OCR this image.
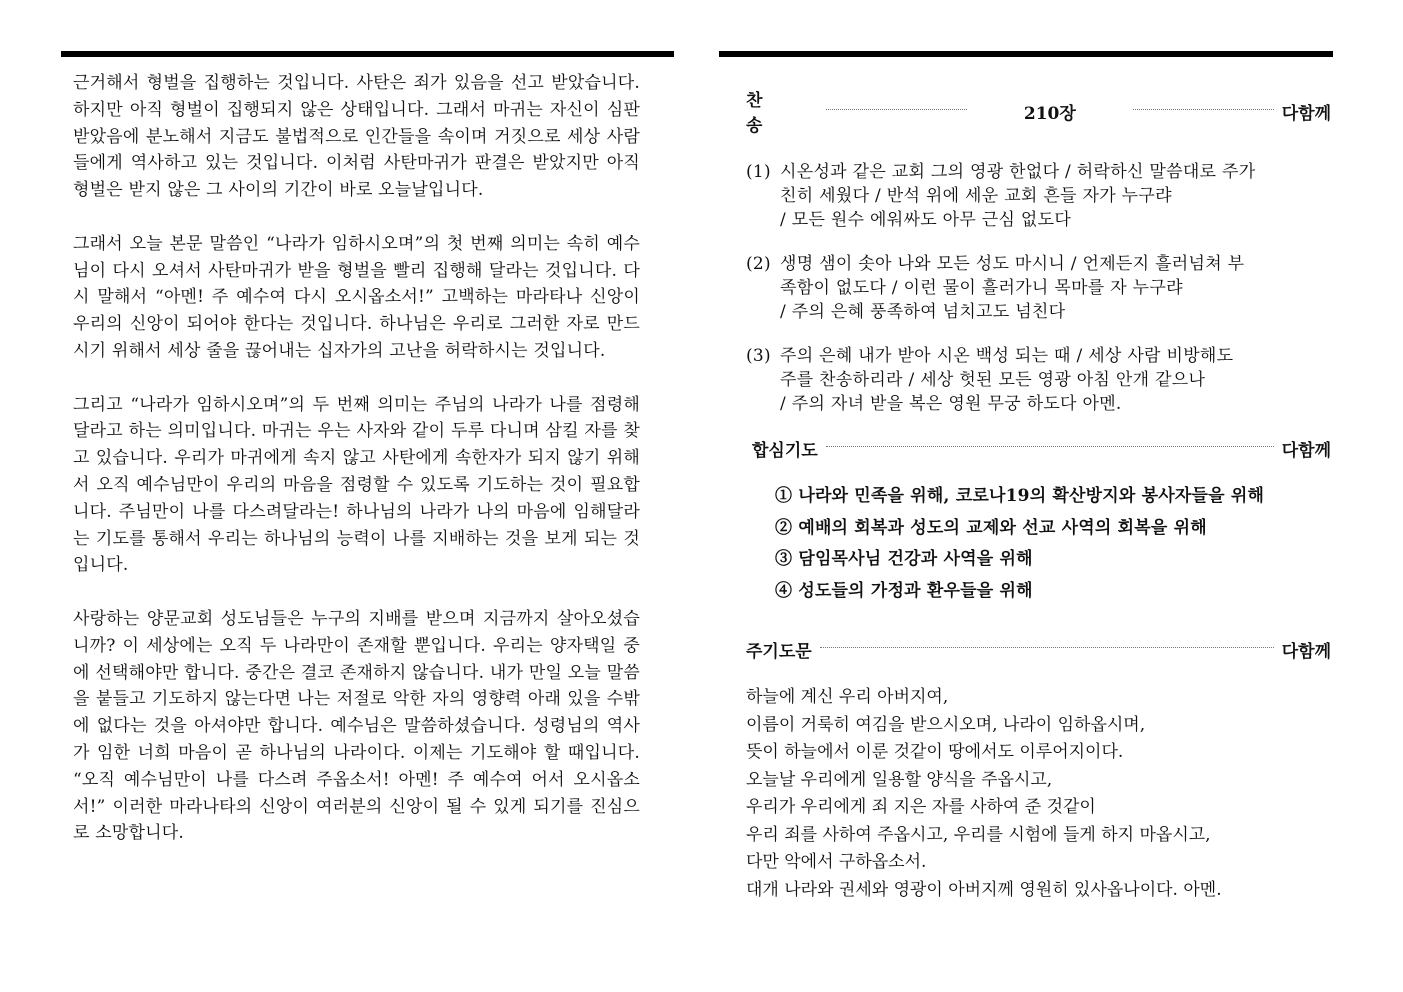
근거해서 형벌을 집행하는 것입니다. 사탄은 죄가 있음을 선고 받았습니다. 하지만 아직 형벌이 집행되지 않은 상태입니다. 그래서 마귀는 자신이 심판받았음에 분노해서 지금도 불법적으로 인간들을 속이며 거짓으로 세상 사람들에게 역사하고 있는 것입니다. 이처럼 사탄마귀가 판결은 받았지만 아직 형벌은 받지 않은 그 사이의 기간이 바로 오늘날입니다.

그래서 오늘 본문 말씀인 “나라가 임하시오며”의 첫 번째 의미는 속히 예수님이 다시 오셔서 사탄마귀가 받을 형벌을 빨리 집행해 달라는 것입니다. 다시 말해서 “아멘! 주 예수여 다시 오시옵소서!” 고백하는 마라타나 신앙이 우리의 신앙이 되어야 한다는 것입니다. 하나님은 우리로 그러한 자로 만드시기 위해서 세상 줄을 끊어내는 십자가의 고난을 허락하시는 것입니다.

그리고 “나라가 임하시오며”의 두 번째 의미는 주님의 나라가 나를 점령해 달라고 하는 의미입니다. 마귀는 우는 사자와 같이 두루 다니며 삼킬 자를 찾고 있습니다. 우리가 마귀에게 속지 않고 사탄에게 속한자가 되지 않기 위해서 오직 예수님만이 우리의 마음을 점령할 수 있도록 기도하는 것이 필요합니다. 주님만이 나를 다스려달라는! 하나님의 나라가 나의 마음에 임해달라는 기도를 통해서 우리는 하나님의 능력이 나를 지배하는 것을 보게 되는 것입니다.

사랑하는 양문교회 성도님들은 누구의 지배를 받으며 지금까지 살아오셨습니까? 이 세상에는 오직 두 나라만이 존재할 뿐입니다. 우리는 양자택일 중에 선택해야만 합니다. 중간은 결코 존재하지 않습니다. 내가 만일 오늘 말씀을 붙들고 기도하지 않는다면 나는 저절로 악한 자의 영향력 아래 있을 수밖에 없다는 것을 아셔야만 합니다. 예수님은 말씀하셨습니다. 성령님의 역사가 임한 너희 마음이 곧 하나님의 나라이다. 이제는 기도해야 할 때입니다. “오직 예수님만이 나를 다스려 주옵소서! 아멘! 주 예수여 어서 오시옵소서!” 이러한 마라나타의 신앙이 여러분의 신앙이 될 수 있게 되기를 진심으로 소망합니다.

찬 송
210장	다함께
(1) 시온성과 같은 교회 그의 영광 한없다 / 허락하신 말씀대로 주가
친히 세웠다 / 반석 위에 세운 교회 흔들 자가 누구랴
/ 모든 원수 에워싸도 아무 근심 없도다
(2) 생명 샘이 솟아 나와 모든 성도 마시니 / 언제든지 흘러넘쳐 부
족함이 없도다 / 이런 물이 흘러가니 목마를 자 누구랴
/ 주의 은혜 풍족하여 넘치고도 넘친다
(3) 주의 은혜 내가 받아 시온 백성 되는 때 / 세상 사람 비방해도
주를 찬송하리라 / 세상 헛된 모든 영광 아침 안개 같으나
/ 주의 자녀 받을 복은 영원 무궁 하도다 아멘.
합심기도	다함께
① 나라와 민족을 위해, 코로나19의 확산방지와 봉사자들을 위해
② 예배의 회복과 성도의 교제와 선교 사역의 회복을 위해
③ 담임목사님 건강과 사역을 위해
④ 성도들의 가정과 환우들을 위해
주기도문	다함께
하늘에 계신 우리 아버지여,
이름이 거룩히 여김을 받으시오며, 나라이 임하옵시며,
뜻이 하늘에서 이룬 것같이 땅에서도 이루어지이다.
오늘날 우리에게 일용할 양식을 주옵시고,
우리가 우리에게 죄 지은 자를 사하여 준 것같이
우리 죄를 사하여 주옵시고, 우리를 시험에 들게 하지 마옵시고,
다만 악에서 구하옵소서.
대개 나라와 권세와 영광이 아버지께 영원히 있사옵나이다. 아멘.
